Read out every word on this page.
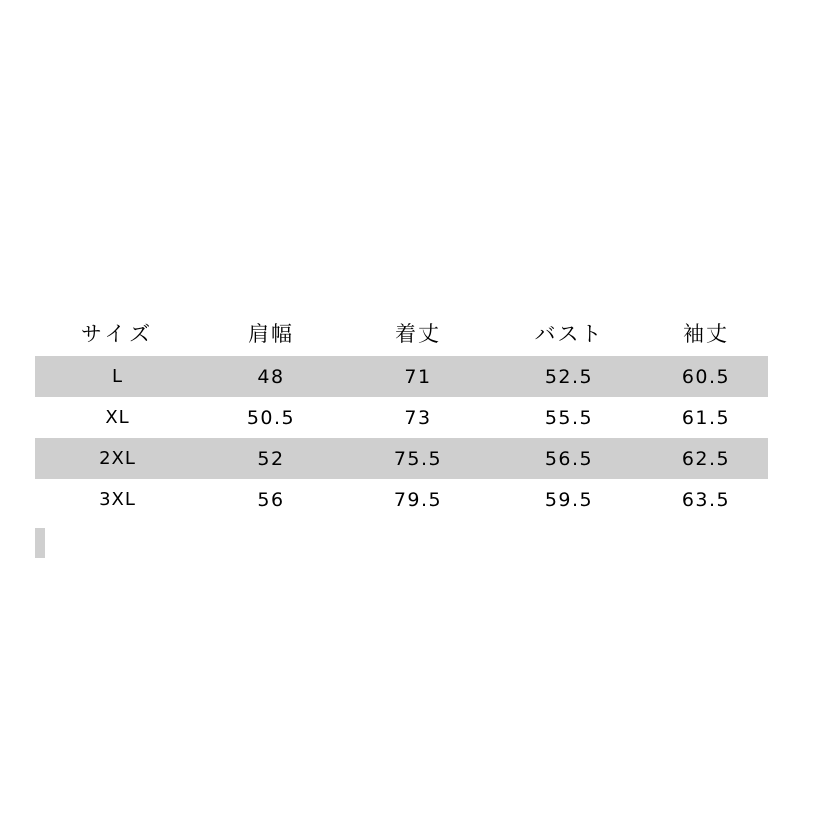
サイズ	肩幅	着丈	バスト	袖丈
L	48	71	52.5	60.5
XL	50.5	73	55.5	61.5
2XL	52	75.5	56.5	62.5
3XL	56	79.5	59.5	63.5
